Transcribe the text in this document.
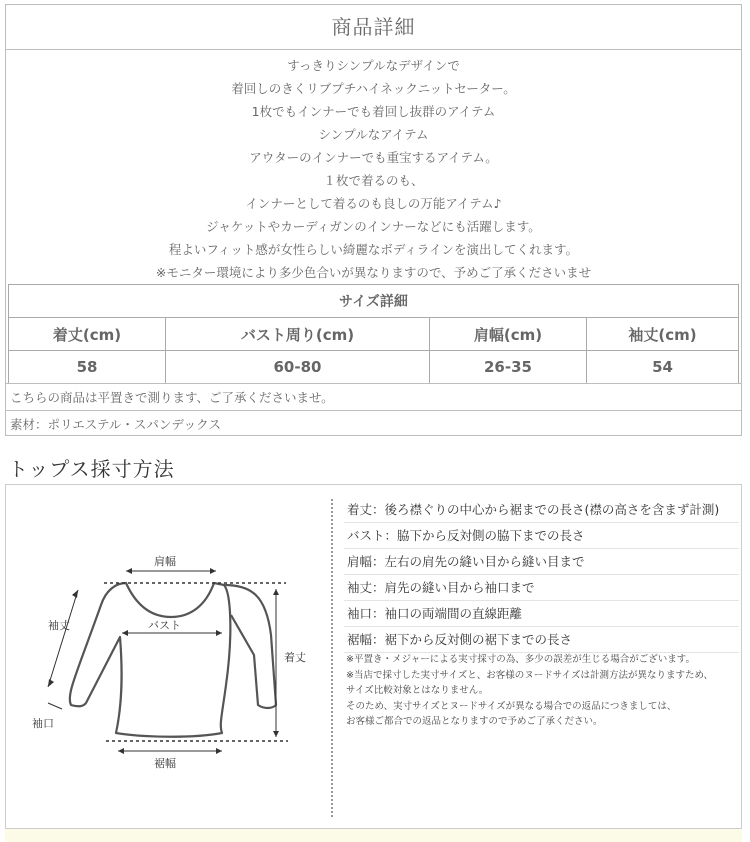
商品詳細
すっきりシンプルなデザインで
着回しのきくリブプチハイネックニットセーター。
1枚でもインナーでも着回し抜群のアイテム
シンプルなアイテム
アウターのインナーでも重宝するアイテム。
１枚で着るのも、
インナーとして着るのも良しの万能アイテム♪
ジャケットやカーディガンのインナーなどにも活躍します。
程よいフィット感が女性らしい綺麗なボディラインを演出してくれます。
※モニター環境により多少色合いが異なりますので、予めご了承くださいませ
サイズ詳細			
着丈(cm)	バスト周り(cm)	肩幅(cm)	袖丈(cm)
58	60-80	26-35	54
こちらの商品は平置きで測ります、ご了承くださいませ。
素材：ポリエステル・スパンデックス
トップス採寸方法
肩幅
バスト
袖丈
袖口
着丈
裾幅
着丈：後ろ襟ぐりの中心から裾までの長さ(襟の高さを含まず計測)
バスト：脇下から反対側の脇下までの長さ
肩幅：左右の肩先の縫い目から縫い目まで
袖丈：肩先の縫い目から袖口まで
袖口：袖口の両端間の直線距離
裾幅：裾下から反対側の裾下までの長さ
※平置き・メジャーによる実寸採寸の為、多少の誤差が生じる場合がございます。
※当店で採寸した実寸サイズと、お客様のヌードサイズは計測方法が異なりますため、
サイズ比較対象とはなりません。
そのため、実寸サイズとヌードサイズが異なる場合での返品につきましては、
お客様ご都合での返品となりますので予めご了承ください。
